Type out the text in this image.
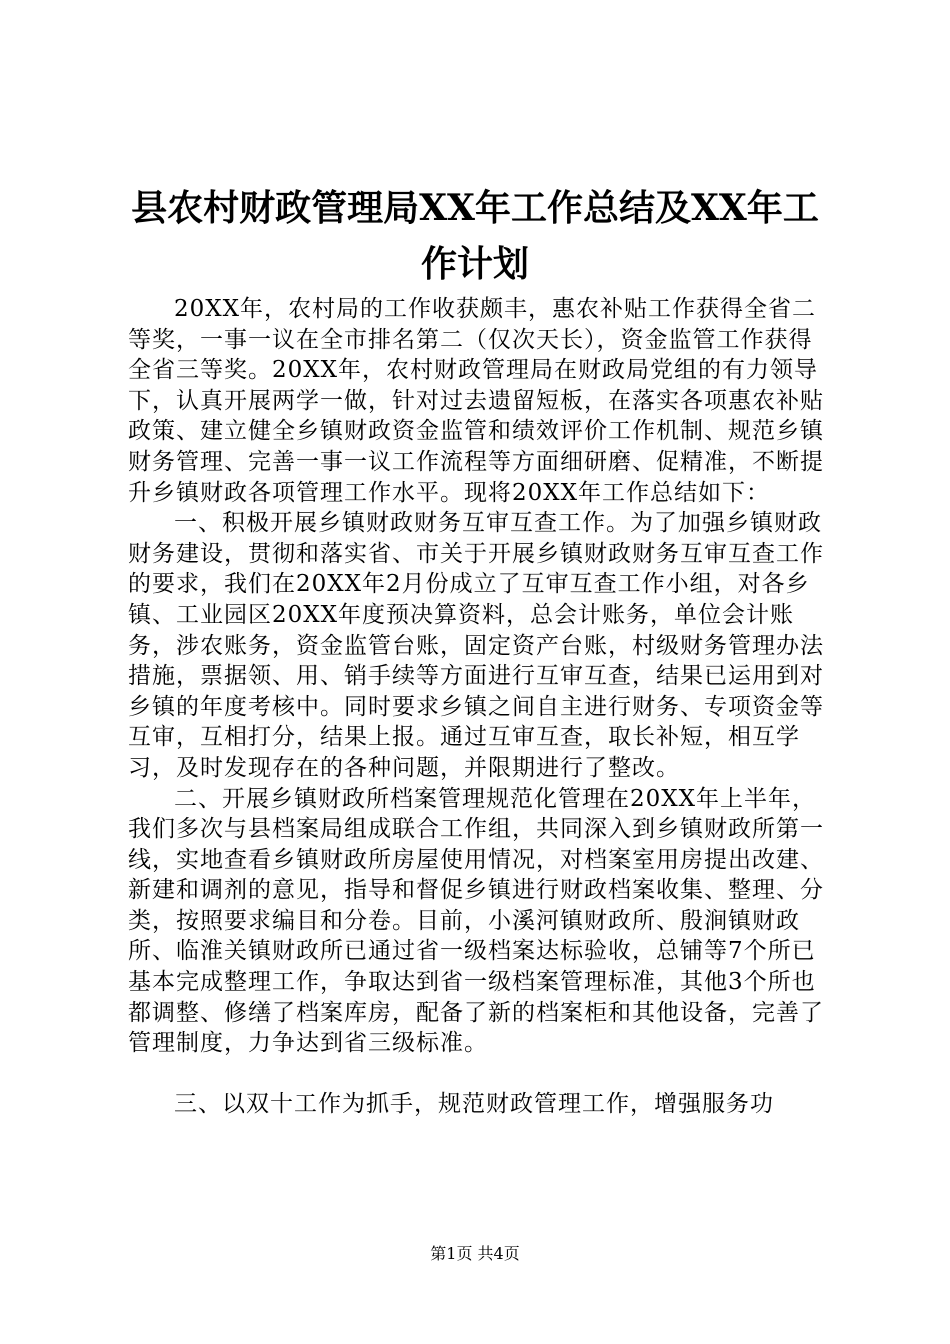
县农村财政管理局XX年工作总结及XX年工作计划

20XX年，农村局的工作收获颇丰，惠农补贴工作获得全省二等奖，一事一议在全市排名第二（仅次天长），资金监管工作获得全省三等奖。20XX年，农村财政管理局在财政局党组的有力领导下，认真开展两学一做，针对过去遗留短板，在落实各项惠农补贴政策、建立健全乡镇财政资金监管和绩效评价工作机制、规范乡镇财务管理、完善一事一议工作流程等方面细研磨、促精准，不断提升乡镇财政各项管理工作水平。现将20XX年工作总结如下：

一、积极开展乡镇财政财务互审互查工作。为了加强乡镇财政财务建设，贯彻和落实省、市关于开展乡镇财政财务互审互查工作的要求，我们在20XX年2月份成立了互审互查工作小组，对各乡镇、工业园区20XX年度预决算资料，总会计账务，单位会计账务，涉农账务，资金监管台账，固定资产台账，村级财务管理办法措施，票据领、用、销手续等方面进行互审互查，结果已运用到对乡镇的年度考核中。同时要求乡镇之间自主进行财务、专项资金等互审，互相打分，结果上报。通过互审互查，取长补短，相互学习，及时发现存在的各种问题，并限期进行了整改。

二、开展乡镇财政所档案管理规范化管理在20XX年上半年，我们多次与县档案局组成联合工作组，共同深入到乡镇财政所第一线，实地查看乡镇财政所房屋使用情况，对档案室用房提出改建、新建和调剂的意见，指导和督促乡镇进行财政档案收集、整理、分类，按照要求编目和分卷。目前，小溪河镇财政所、殷涧镇财政所、临淮关镇财政所已通过省一级档案达标验收，总铺等7个所已基本完成整理工作，争取达到省一级档案管理标准，其他3个所也都调整、修缮了档案库房，配备了新的档案柜和其他设备，完善了管理制度，力争达到省三级标准。

三、以双十工作为抓手，规范财政管理工作，增强服务功

第1页 共4页
